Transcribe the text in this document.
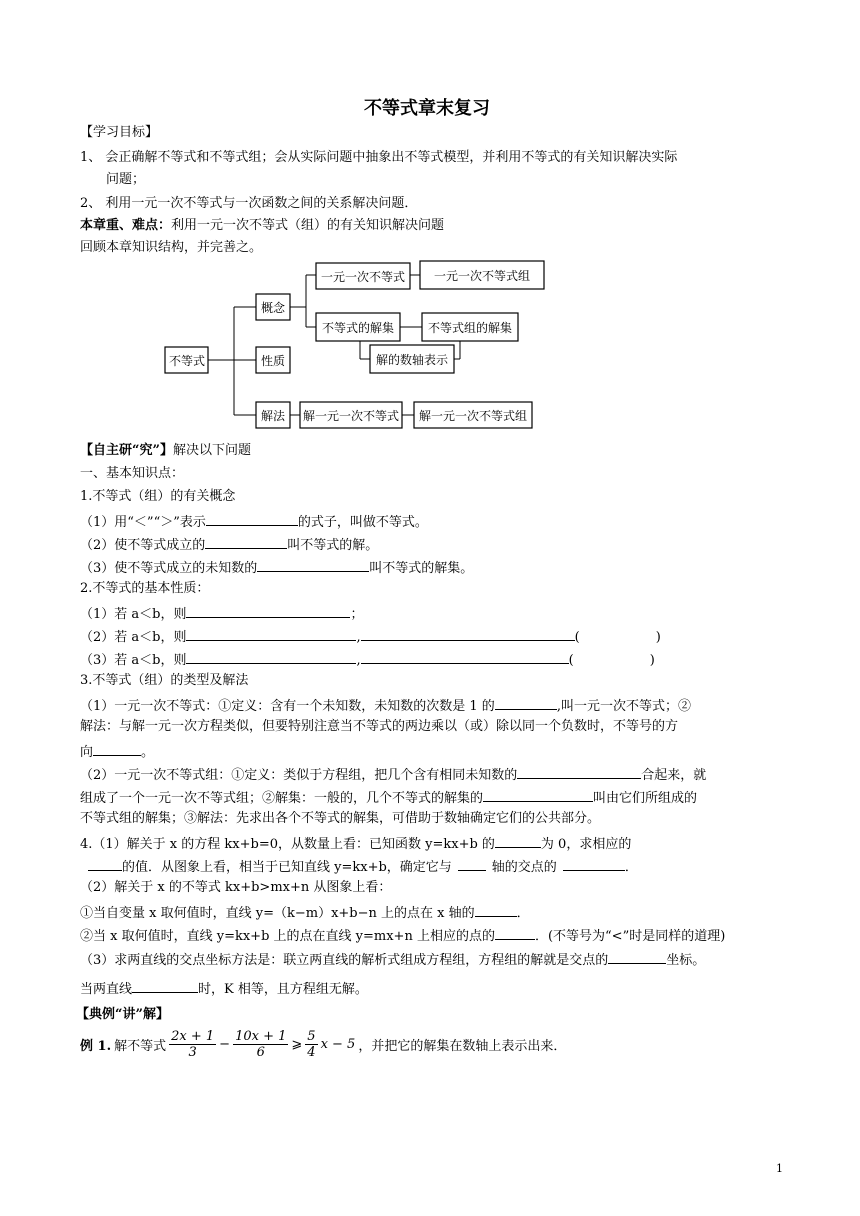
不等式章末复习
【学习目标】
1、 会正确解不等式和不等式组；会从实际问题中抽象出不等式模型，并利用不等式的有关知识解决实际
问题；
2、 利用一元一次不等式与一次函数之间的关系解决问题．
本章重、难点：利用一元一次不等式（组）的有关知识解决问题
回顾本章知识结构，并完善之。
不等式
概念
性质
解法
一元一次不等式 一元一次不等式组
不等式的解集	不等式组的解集
解的数轴表示
解一元一次不等式 解一元一次不等式组
【自主研“究”】解决以下问题
一、基本知识点：
1.不等式（组）的有关概念
（1）用“＜”“＞”表示	的式子，叫做不等式。
（2）使不等式成立的	叫不等式的解。
（3）使不等式成立的未知数的	叫不等式的解集。
2.不等式的基本性质：
（1）若 a＜b，则	；
（2）若 a＜b，则	,	(	)
（3）若 a＜b，则	,	(	)
3.不等式（组）的类型及解法
（1）一元一次不等式：①定义：含有一个未知数，未知数的次数是 1 的	,叫一元一次不等式；②
解法：与解一元一次方程类似，但要特别注意当不等式的两边乘以（或）除以同一个负数时，不等号的方
向	。
（2）一元一次不等式组：①定义：类似于方程组，把几个含有相同未知数的	合起来，就
组成了一个一元一次不等式组；②解集：一般的，几个不等式的解集的	叫由它们所组成的
不等式组的解集；③解法：先求出各个不等式的解集，可借助于数轴确定它们的公共部分。
4.（1）解关于 x 的方程 kx+b=0，从数量上看：已知函数 y=kx+b 的	为 0，求相应的
的值．从图象上看，相当于已知直线 y=kx+b，确定它与	轴的交点的	．
（2）解关于 x 的不等式 kx+b>mx+n 从图象上看：
①当自变量 x 取何值时，直线 y=（k−m）x+b−n 上的点在 x 轴的	．
②当 x 取何值时，直线 y=kx+b 上的点在直线 y=mx+n 上相应的点的	．(不等号为“<”时是同样的道理)
（3）求两直线的交点坐标方法是：联立两直线的解析式组成方程组，方程组的解就是交点的	坐标。
当两直线	时，K 相等，且方程组无解。
【典例“讲”解】
例 1. 解不等式 $\frac{2x + 1}{3} - \frac{10x + 1}{6}$ ⩾ $\frac{5}{4}$ x − 5 ，并把它的解集在数轴上表示出来．
1
